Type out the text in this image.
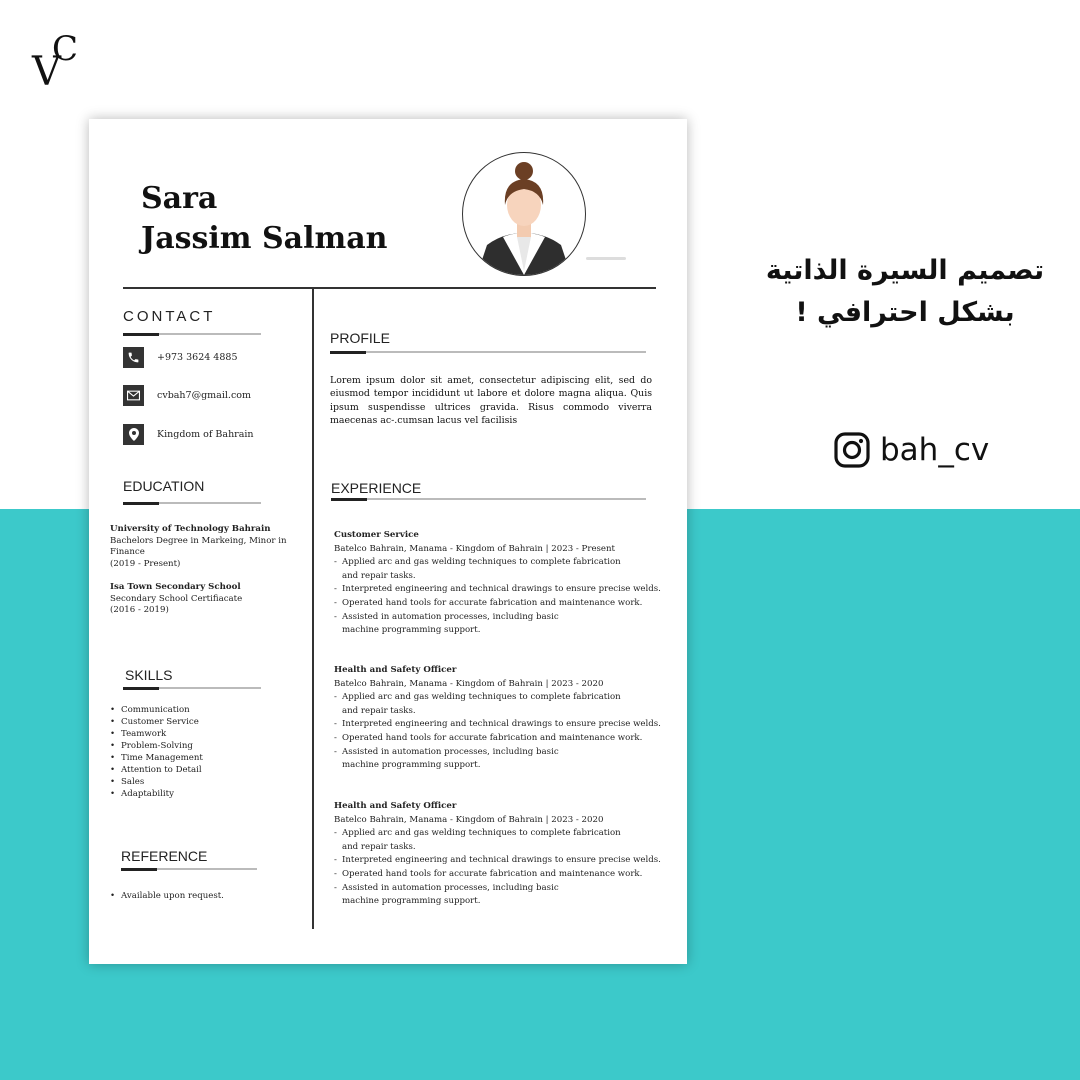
C
V
Sara
Jassim Salman
CONTACT
+973 3624 4885
cvbah7@gmail.com
Kingdom of Bahrain
EDUCATION
University of Technology Bahrain
Bachelors Degree in Markeing, Minor in Finance
(2019 - Present)
Isa Town Secondary School
Secondary School Certifiacate
(2016 - 2019)
SKILLS
• Communication
• Customer Service
• Teamwork
• Problem-Solving
• Time Management
• Attention to Detail
• Sales
• Adaptability
REFERENCE
• Available upon request.
PROFILE
Lorem ipsum dolor sit amet, consectetur adipiscing elit, sed do eiusmod tempor incididunt ut labore et dolore magna aliqua. Quis ipsum suspendisse ultrices gravida. Risus commodo viverra maecenas ac-.cumsan lacus vel facilisis
EXPERIENCE
Customer Service
Batelco Bahrain, Manama - Kingdom of Bahrain | 2023 - Present
- Applied arc and gas welding techniques to complete fabrication and repair tasks.
- Interpreted engineering and technical drawings to ensure precise welds.
- Operated hand tools for accurate fabrication and maintenance work.
- Assisted in automation processes, including basic machine programming support.
Health and Safety Officer
Batelco Bahrain, Manama - Kingdom of Bahrain | 2023 - 2020
- Applied arc and gas welding techniques to complete fabrication and repair tasks.
- Interpreted engineering and technical drawings to ensure precise welds.
- Operated hand tools for accurate fabrication and maintenance work.
- Assisted in automation processes, including basic machine programming support.
Health and Safety Officer
Batelco Bahrain, Manama - Kingdom of Bahrain | 2023 - 2020
- Applied arc and gas welding techniques to complete fabrication and repair tasks.
- Interpreted engineering and technical drawings to ensure precise welds.
- Operated hand tools for accurate fabrication and maintenance work.
- Assisted in automation processes, including basic machine programming support.
تصميم السيرة الذاتية
بشكل احترافي !
bah_cv
